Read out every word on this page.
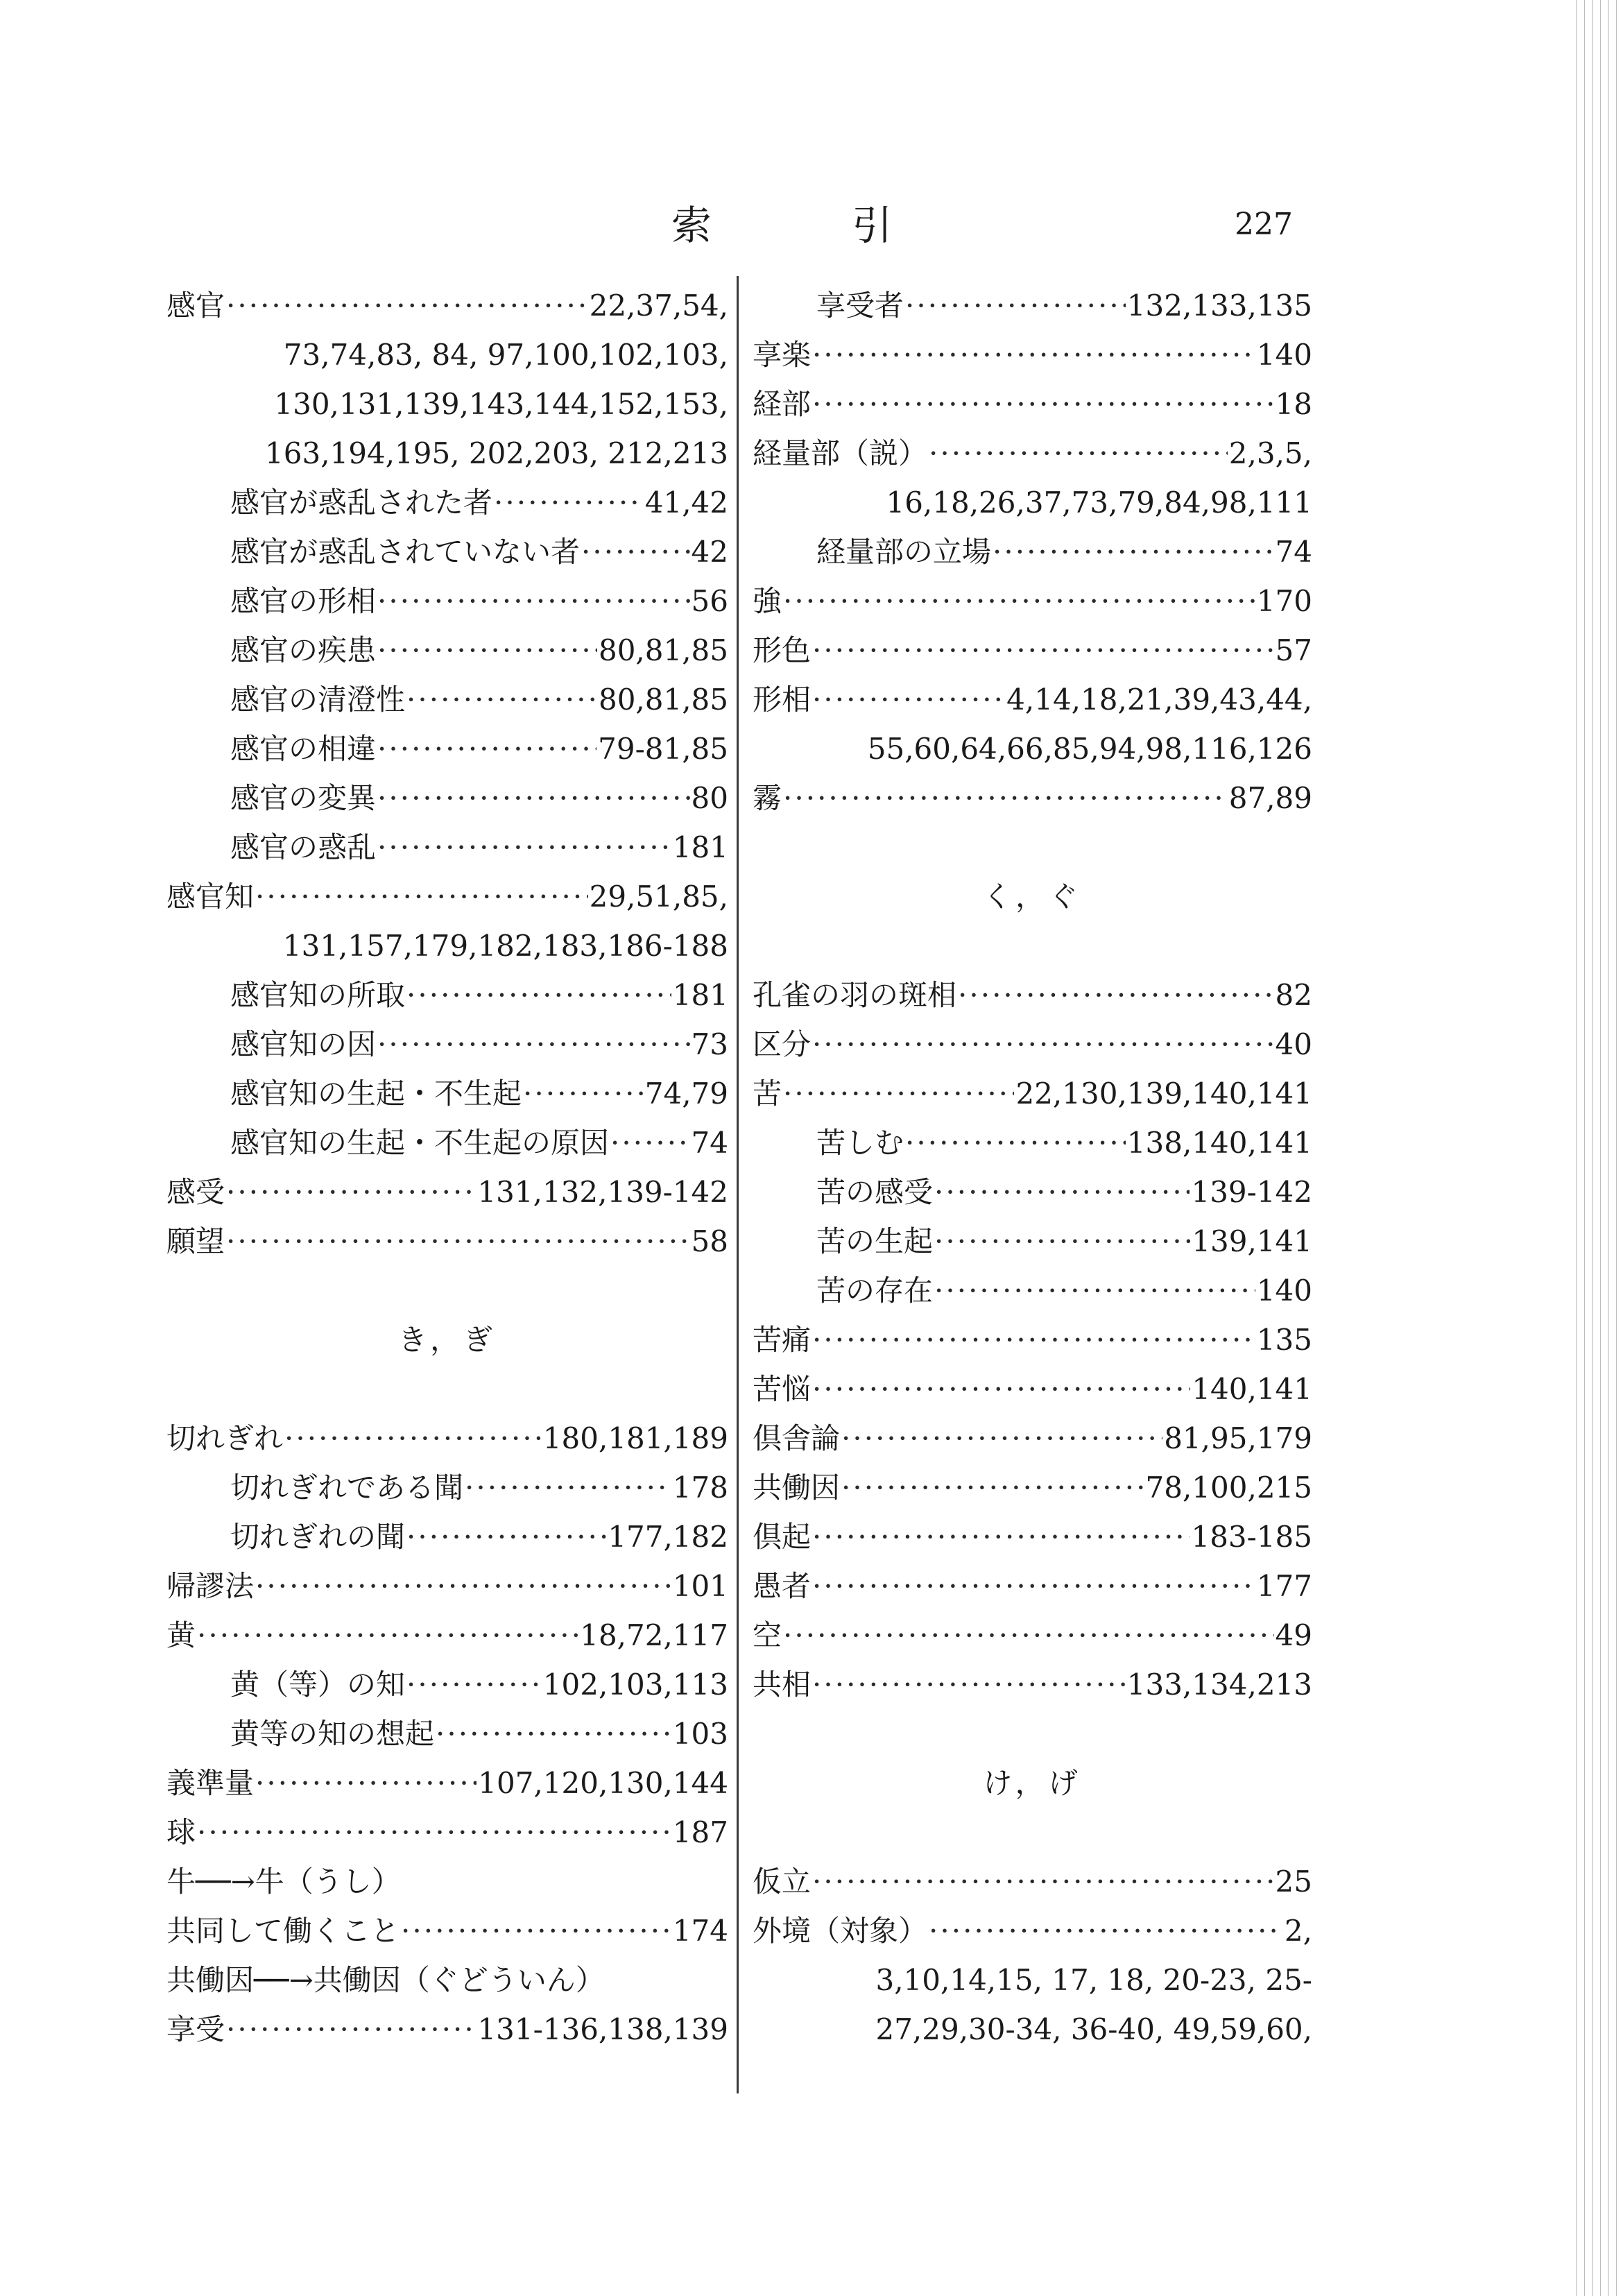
索 引	227
感官 ·····	22,37,54,
73,74,83, 84, 97,100,102,103,
130,131,139,143,144,152,153,
163,194,195, 202,203, 212,213
感官が惑乱された者 ·····	41,42
感官が惑乱されていない者 ·····	42
感官の形相 ·····	56
感官の疾患 ·····	80,81,85
感官の清澄性 ·····	80,81,85
感官の相違 ·····	79-81,85
感官の変異 ·····	80
感官の惑乱 ·····	181
感官知 ·····	29,51,85,
131,157,179,182,183,186-188
感官知の所取 ·····	181
感官知の因 ·····	73
感官知の生起・不生起 ·····	74,79
感官知の生起・不生起の原因 ·····	74
感受 ·····	131,132,139-142
願望 ·····	58
き，ぎ
切れぎれ ·····	180,181,189
切れぎれである聞 ·····	178
切れぎれの聞 ·····	177,182
帰謬法 ·····	101
黄 ·····	18,72,117
黄（等）の知 ·····	102,103,113
黄等の知の想起 ·····	103
義準量 ·····	107,120,130,144
球 ·····	187
牛──→牛（うし）
共同して働くこと ·····	174
共働因──→共働因（ぐどういん）
享受 ·····	131-136,138,139
享受者 ·····	132,133,135
享楽 ·····	140
経部 ·····	18
経量部（説） ·····	2,3,5,
16,18,26,37,73,79,84,98,111
経量部の立場 ·····	74
強 ·····	170
形色 ·····	57
形相 ·····	4,14,18,21,39,43,44,
55,60,64,66,85,94,98,116,126
霧 ·····	87,89
く，ぐ
孔雀の羽の斑相 ·····	82
区分 ·····	40
苦 ·····	22,130,139,140,141
苦しむ ·····	138,140,141
苦の感受 ·····	139-142
苦の生起 ·····	139,141
苦の存在 ·····	140
苦痛 ·····	135
苦悩 ·····	140,141
倶舎論 ·····	81,95,179
共働因 ·····	78,100,215
倶起 ·····	183-185
愚者 ·····	177
空 ·····	49
共相 ·····	133,134,213
け，げ
仮立 ·····	25
外境（対象） ·····	2,
3,10,14,15, 17, 18, 20-23, 25-
27,29,30-34, 36-40, 49,59,60,
